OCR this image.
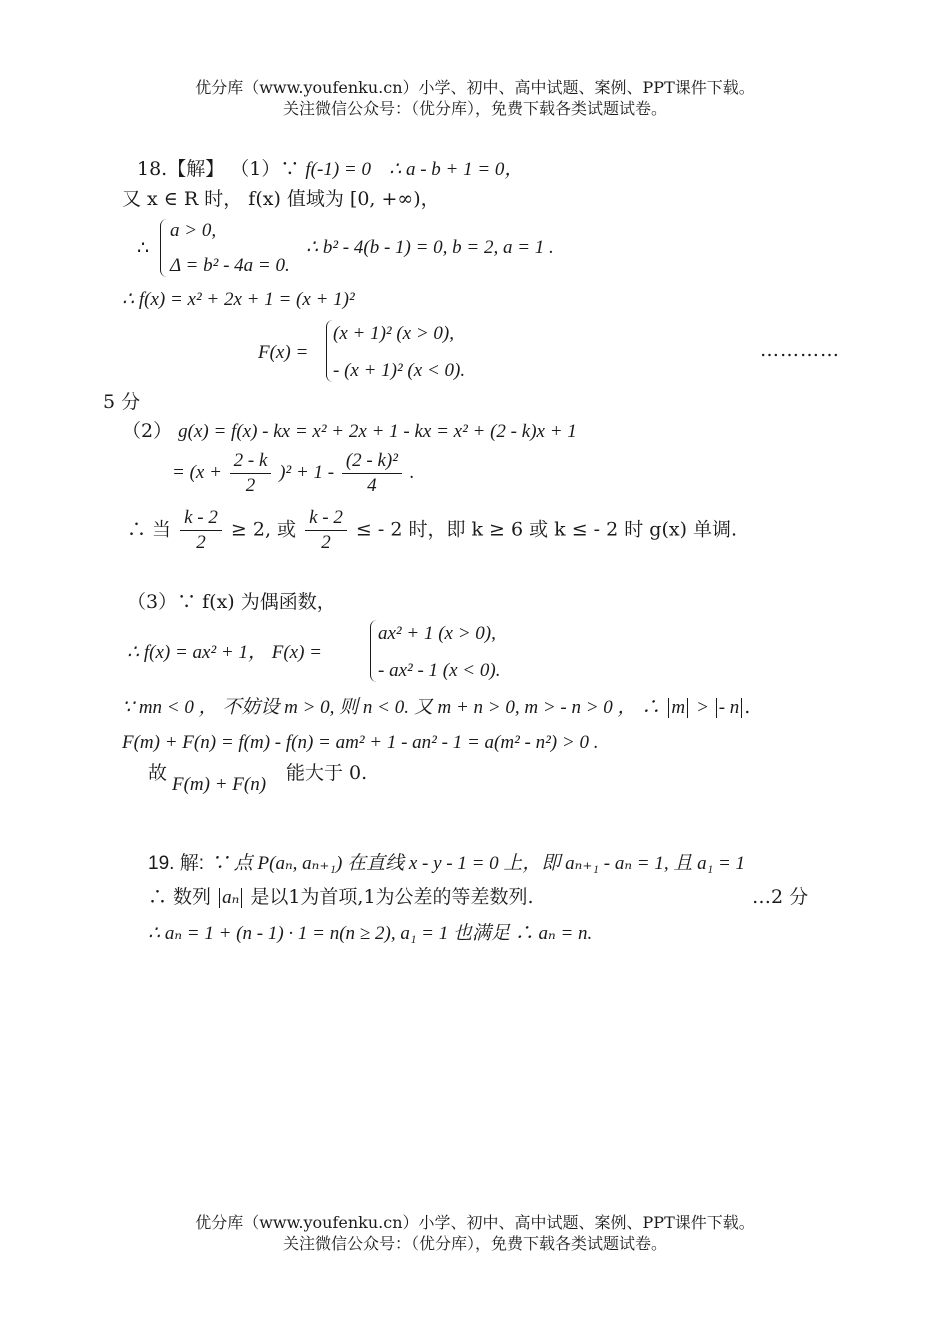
优分库（www.youfenku.cn）小学、初中、高中试题、案例、PPT课件下载。
关注微信公众号：（优分库），免费下载各类试题试卷。
18.【解】 （1）∵ f(-1) = 0 ∴ a - b + 1 = 0，
又 x ∈ R 时， f(x) 值域为 [0, +∞)，
∴
a > 0,
Δ = b² - 4a = 0.
∴ b² - 4(b - 1) = 0, b = 2, a = 1 .
∴ f(x) = x² + 2x + 1 = (x + 1)²
F(x) =
(x + 1)² (x > 0),
- (x + 1)² (x < 0).
…………
5 分
（2） g(x) = f(x) - kx = x² + 2x + 1 - kx = x² + (2 - k)x + 1
= $(x + \frac{2 - k}{2} )^2 + 1 - \frac{\text{(2 - k)²}}{4}$ .
∴ 当 $\frac{k - 2}{2} \ge 2$, 或 $\frac{k - 2}{2}$ ≤ - 2 时，即 k ≥ 6 或 k ≤ - 2 时 g(x) 单调.
（3）∵ f(x) 为偶函数，
∴ f(x) = ax² + 1， F(x) =
ax² + 1 (x > 0),
- ax² - 1 (x < 0).
∵ mn < 0 ， 不妨设 m > 0, 则 n < 0. 又 m + n > 0, m > - n > 0 ， ∴ m > - n .
F(m) + F(n) = f(m) - f(n) = am² + 1 - an² - 1 = a(m² - n²) > 0 .
故
F(m) + F(n)
能大于 0.
19. 解: ∵ 点 P(aₙ, aₙ₊₁) 在直线 x - y - 1 = 0 上，即 aₙ₊₁ - aₙ = 1, 且 a₁ = 1
∴ 数列 aₙ 是以1为首项,1为公差的等差数列.	…2 分
∴ aₙ = 1 + (n - 1) · 1 = n(n ≥ 2), a₁ = 1 也满足 ∴ aₙ = n.
优分库（www.youfenku.cn）小学、初中、高中试题、案例、PPT课件下载。
关注微信公众号：（优分库），免费下载各类试题试卷。
